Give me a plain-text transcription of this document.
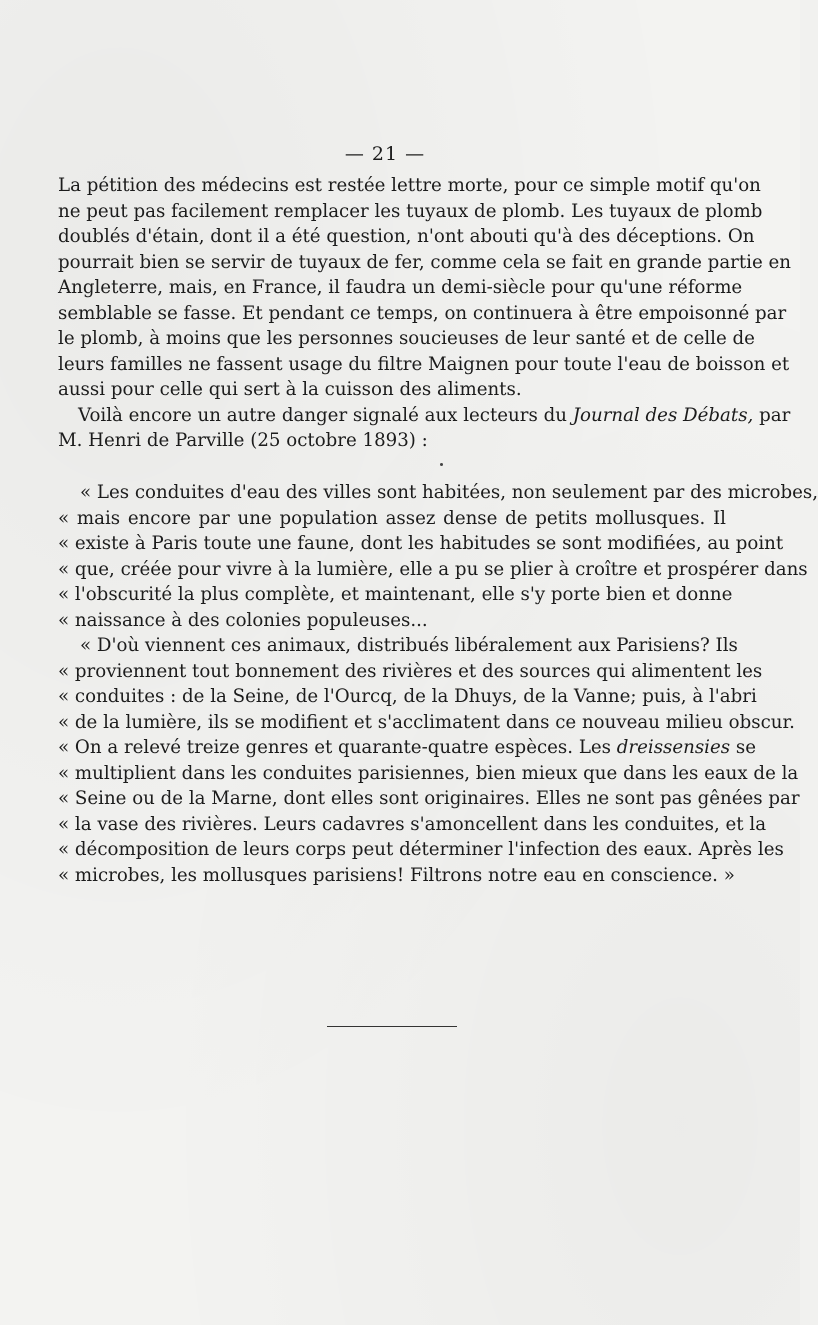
— 21 —
La pétition des médecins est restée lettre morte, pour ce simple motif qu'on
ne peut pas facilement remplacer les tuyaux de plomb. Les tuyaux de plomb
doublés d'étain, dont il a été question, n'ont abouti qu'à des déceptions. On
pourrait bien se servir de tuyaux de fer, comme cela se fait en grande partie en
Angleterre, mais, en France, il faudra un demi-siècle pour qu'une réforme
semblable se fasse. Et pendant ce temps, on continuera à être empoisonné par
le plomb, à moins que les personnes soucieuses de leur santé et de celle de
leurs familles ne fassent usage du filtre Maignen pour toute l'eau de boisson et
aussi pour celle qui sert à la cuisson des aliments.
Voilà encore un autre danger signalé aux lecteurs du Journal des Débats, par
M. Henri de Parville (25 octobre 1893) :
« Les conduites d'eau des villes sont habitées, non seulement par des microbes,
« mais encore par une population assez dense de petits mollusques. Il
« existe à Paris toute une faune, dont les habitudes se sont modifiées, au point
« que, créée pour vivre à la lumière, elle a pu se plier à croître et prospérer dans
« l'obscurité la plus complète, et maintenant, elle s'y porte bien et donne
« naissance à des colonies populeuses...
« D'où viennent ces animaux, distribués libéralement aux Parisiens? Ils
« proviennent tout bonnement des rivières et des sources qui alimentent les
« conduites : de la Seine, de l'Ourcq, de la Dhuys, de la Vanne; puis, à l'abri
« de la lumière, ils se modifient et s'acclimatent dans ce nouveau milieu obscur.
« On a relevé treize genres et quarante-quatre espèces. Les dreissensies se
« multiplient dans les conduites parisiennes, bien mieux que dans les eaux de la
« Seine ou de la Marne, dont elles sont originaires. Elles ne sont pas gênées par
« la vase des rivières. Leurs cadavres s'amoncellent dans les conduites, et la
« décomposition de leurs corps peut déterminer l'infection des eaux. Après les
« microbes, les mollusques parisiens! Filtrons notre eau en conscience. »
